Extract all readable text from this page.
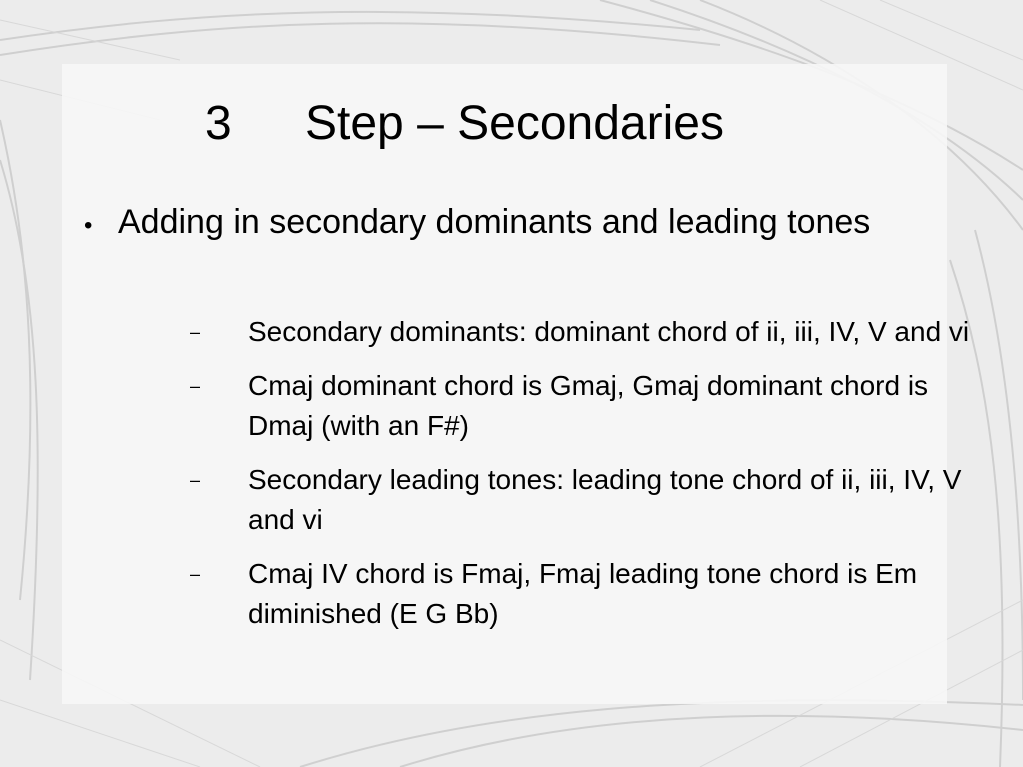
3 Step – Secondaries
• Adding in secondary dominants and leading tones
– Secondary dominants: dominant chord of ii, iii, IV, V and vi
– Cmaj dominant chord is Gmaj, Gmaj dominant chord is Dmaj (with an F#)
– Secondary leading tones: leading tone chord of ii, iii, IV, V and vi
– Cmaj IV chord is Fmaj, Fmaj leading tone chord is Em diminished (E G Bb)
